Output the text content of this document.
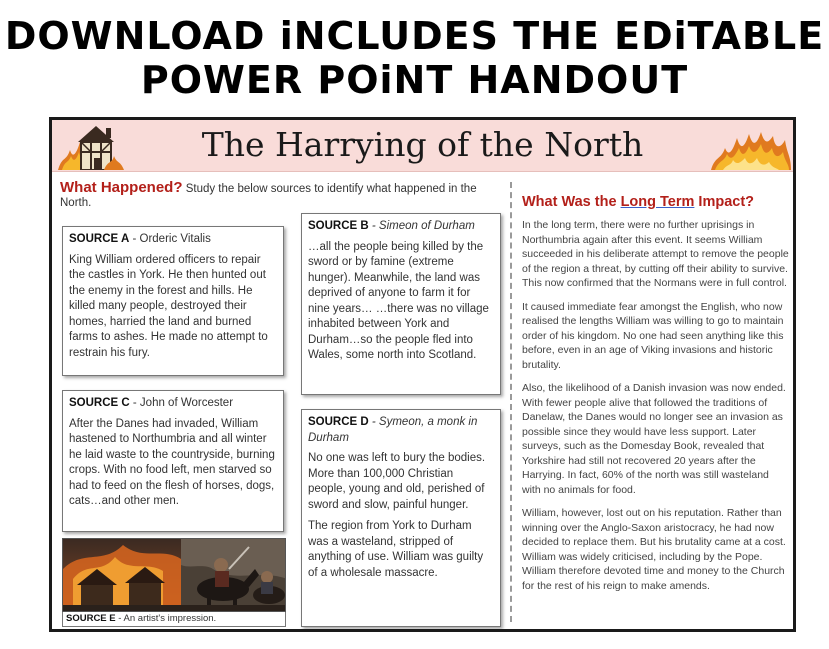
DOWNLOAD iNCLUDES THE EDiTABLE
POWER POiNT HANDOUT
The Harrying of the North
What Happened? Study the below sources to identify what happened in the North.
SOURCE A - Orderic Vitalis

King William ordered officers to repair the castles in York. He then hunted out the enemy in the forest and hills. He killed many people, destroyed their homes, harried the land and burned farms to ashes. He made no attempt to restrain his fury.

SOURCE B - Simeon of Durham

…all the people being killed by the sword or by famine (extreme hunger). Meanwhile, the land was deprived of anyone to farm it for nine years… …there was no village inhabited between York and Durham…so the people fled into Wales, some north into Scotland.

SOURCE C - John of Worcester

After the Danes had invaded, William hastened to Northumbria and all winter he laid waste to the countryside, burning crops. With no food left, men starved so had to feed on the flesh of horses, dogs, cats…and other men.

SOURCE D - Symeon, a monk in Durham

No one was left to bury the bodies. More than 100,000 Christian people, young and old, perished of sword and slow, painful hunger.

The region from York to Durham was a wasteland, stripped of anything of use. William was guilty of a wholesale massacre.

SOURCE E - An artist's impression.
What Was the Long Term Impact?

In the long term, there were no further uprisings in Northumbria again after this event. It seems William succeeded in his deliberate attempt to remove the people of the region a threat, by cutting off their ability to survive. This now confirmed that the Normans were in full control.

It caused immediate fear amongst the English, who now realised the lengths William was willing to go to maintain order of his kingdom. No one had seen anything like this before, even in an age of Viking invasions and historic brutality.

Also, the likelihood of a Danish invasion was now ended. With fewer people alive that followed the traditions of Danelaw, the Danes would no longer see an invasion as possible since they would have less support. Later surveys, such as the Domesday Book, revealed that Yorkshire had still not recovered 20 years after the Harrying. In fact, 60% of the north was still wasteland with no animals for food.

William, however, lost out on his reputation. Rather than winning over the Anglo-Saxon aristocracy, he had now decided to replace them. But his brutality came at a cost. William was widely criticised, including by the Pope. William therefore devoted time and money to the Church for the rest of his reign to make amends.
